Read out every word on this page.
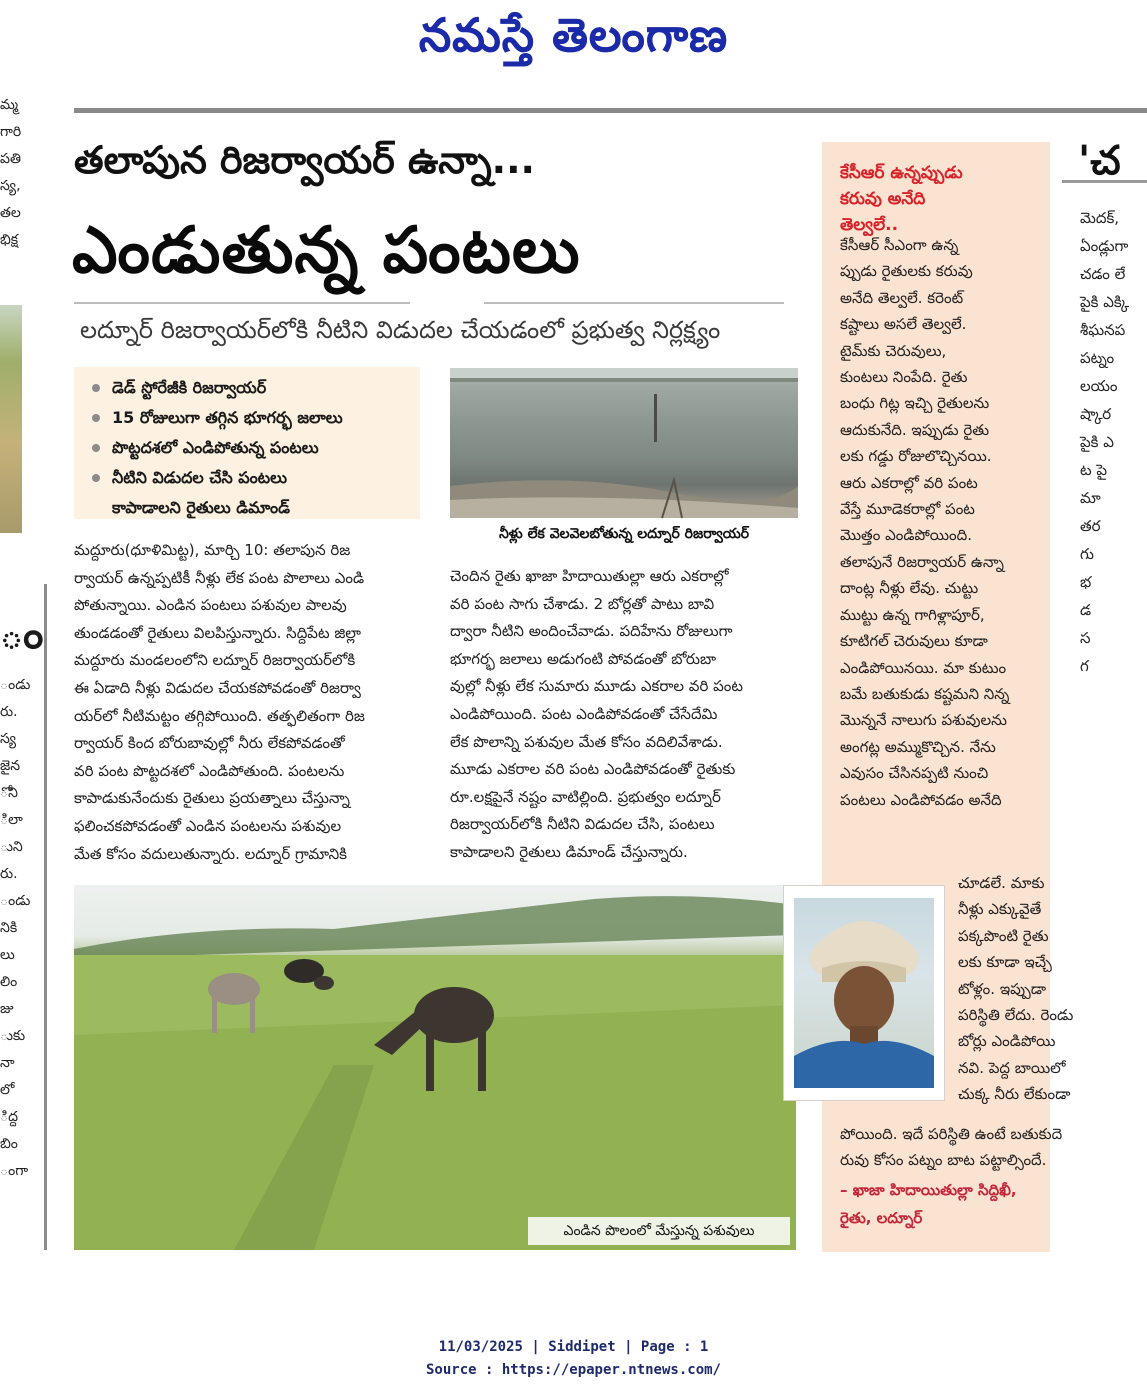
నమస్తే తెలంగాణ
మ్మ
గారి
పతి
స్య,
తల
భిక్ష
ం
ండు
రు.
స్య
జైన
ోని
ిలా
ుని
రు.
ండు
నికి
లు
లిం
జు
ుకు
నా
లో
ిద్ద
బిం
ంగా
తలాపున రిజర్వాయర్ ఉన్నా...
ఎండుతున్న పంటలు
లద్నూర్ రిజర్వాయర్‌లోకి నీటిని విడుదల చేయడంలో ప్రభుత్వ నిర్లక్ష్యం
డెడ్ స్టోరేజీకి రిజర్వాయర్
15 రోజులుగా తగ్గిన భూగర్భ జలాలు
పొట్టదశలో ఎండిపోతున్న పంటలు
నీటిని విడుదల చేసి పంటలు
కాపాడాలని రైతులు డిమాండ్
నీళ్లు లేక వెలవెలబోతున్న లద్నూర్ రిజర్వాయర్
మద్దూరు(ధూళిమిట్ట), మార్చి 10: తలాపున రిజ
ర్వాయర్ ఉన్నప్పటికీ నీళ్లు లేక పంట పొలాలు ఎండి
పోతున్నాయి. ఎండిన పంటలు పశువుల పాలవు
తుండడంతో రైతులు విలపిస్తున్నారు. సిద్దిపేట జిల్లా
మద్దూరు మండలంలోని లద్నూర్ రిజర్వాయర్‌లోకి
ఈ ఏడాది నీళ్లు విడుదల చేయకపోవడంతో రిజర్వా
యర్‌లో నీటిమట్టం తగ్గిపోయింది. తత్ఫలితంగా రిజ
ర్వాయర్ కింద బోరుబావుల్లో నీరు లేకపోవడంతో
వరి పంట పొట్టదశలో ఎండిపోతుంది. పంటలను
కాపాడుకునేందుకు రైతులు ప్రయత్నాలు చేస్తున్నా
ఫలించకపోవడంతో ఎండిన పంటలను పశువుల
మేత కోసం వదులుతున్నారు. లద్నూర్ గ్రామానికి
చెందిన రైతు ఖాజా హిదాయితుల్లా ఆరు ఎకరాల్లో
వరి పంట సాగు చేశాడు. 2 బోర్లతో పాటు బావి
ద్వారా నీటిని అందించేవాడు. పదిహేను రోజులుగా
భూగర్భ జలాలు అడుగంటి పోవడంతో బోరుబా
వుల్లో నీళ్లు లేక సుమారు మూడు ఎకరాల వరి పంట
ఎండిపోయింది. పంట ఎండిపోవడంతో చేసేదేమి
లేక పొలాన్ని పశువుల మేత కోసం వదిలివేశాడు.
మూడు ఎకరాల వరి పంట ఎండిపోవడంతో రైతుకు
రూ.లక్షపైనే నష్టం వాటిల్లింది. ప్రభుత్వం లద్నూర్
రిజర్వాయర్‌లోకి నీటిని విడుదల చేసి, పంటలు
కాపాడాలని రైతులు డిమాండ్ చేస్తున్నారు.
కేసీఆర్ ఉన్నప్పుడు
కరువు అనేది
తెల్వలే..
కేసీఆర్ సీఎంగా ఉన్న
ప్పుడు రైతులకు కరువు
అనేది తెల్వలే. కరెంట్
కష్టాలు అసలే తెల్వలే.
టైమ్‌కు చెరువులు,
కుంటలు నింపేది. రైతు
బంధు గిట్ల ఇచ్చి రైతులను
ఆదుకునేది. ఇప్పుడు రైతు
లకు గడ్డు రోజులొచ్చినయి.
ఆరు ఎకరాల్లో వరి పంట
వేస్తే మూడెకరాల్లో పంట
మొత్తం ఎండిపోయింది.
తలాపునే రిజర్వాయర్ ఉన్నా
దాంట్ల నీళ్లు లేవు. చుట్టు
ముట్టు ఉన్న గాగిళ్లాపూర్,
కూటిగల్ చెరువులు కూడా
ఎండిపోయినయి. మా కుటుం
బమే బతుకుడు కష్టమని నిన్న
మొన్ననే నాలుగు పశువులను
అంగట్ల అమ్ముకొచ్చిన. నేను
ఎవుసం చేసినప్పటి నుంచి
పంటలు ఎండిపోవడం అనేది
చూడలే. మాకు
నీళ్లు ఎక్కువైతే
పక్కపొంటి రైతు
లకు కూడా ఇచ్చే
టోళ్లం. ఇప్పుడా
పరిస్థితి లేదు. రెండు
బోర్లు ఎండిపోయి
నవి. పెద్ద బాయిలో
చుక్క నీరు లేకుండా
పోయింది. ఇదే పరిస్థితి ఉంటే బతుకుదె
రువు కోసం పట్నం బాట పట్టాల్సిందే.
– ఖాజా హిదాయితుల్లా సిద్దిఖీ,
రైతు, లద్నూర్
ఎండిన పొలంలో మేస్తున్న పశువులు
'చ
మెదక్,
ఏండ్లుగా
చడం లే
పైకి ఎక్కి
శీఘనప
పట్నం
లయం
ష్కార
పైకి ఎ
ట పై
మా
తర
గు
భ
డ
స
గ
11/03/2025 | Siddipet | Page : 1
Source : https://epaper.ntnews.com/
